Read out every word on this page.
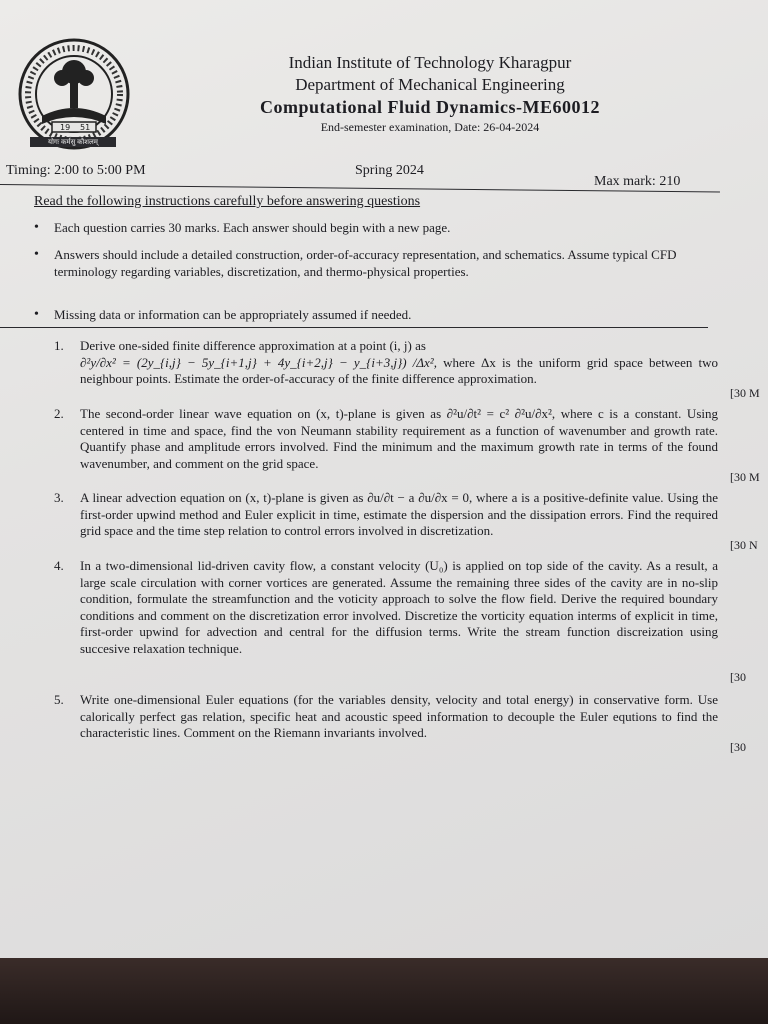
19 51
योगः कर्मसु कौशलम्
Indian Institute of Technology Kharagpur
Department of Mechanical Engineering
Computational Fluid Dynamics-ME60012
End-semester examination, Date: 26-04-2024
Timing: 2:00 to 5:00 PM	Spring 2024
Max mark: 210
Read the following instructions carefully before answering questions
• Each question carries 30 marks. Each answer should begin with a new page.
• Answers should include a detailed construction, order-of-accuracy representation, and schematics. Assume typical CFD terminology regarding variables, discretization, and thermo-physical properties.
• Missing data or information can be appropriately assumed if needed.
1. Derive one-sided finite difference approximation at a point (i, j) as
∂²y/∂x² = (2y_{i,j} − 5y_{i+1,j} + 4y_{i+2,j} − y_{i+3,j}) /Δx², where Δx is the uniform grid space between two neighbour points. Estimate the order-of-accuracy of the finite difference approximation.
[30 M
2. The second-order linear wave equation on (x, t)-plane is given as ∂²u/∂t² = c² ∂²u/∂x², where c is a constant. Using centered in time and space, find the von Neumann stability requirement as a function of wavenumber and growth rate. Quantify phase and amplitude errors involved. Find the minimum and the maximum growth rate in terms of the found wavenumber, and comment on the grid space.
[30 M
3. A linear advection equation on (x, t)-plane is given as ∂u/∂t − a ∂u/∂x = 0, where a is a positive-definite value. Using the first-order upwind method and Euler explicit in time, estimate the dispersion and the dissipation errors. Find the required grid space and the time step relation to control errors involved in discretization.
[30 N
4. In a two-dimensional lid-driven cavity flow, a constant velocity (U₀) is applied on top side of the cavity. As a result, a large scale circulation with corner vortices are generated. Assume the remaining three sides of the cavity are in no-slip condition, formulate the streamfunction and the voticity approach to solve the flow field. Derive the required boundary conditions and comment on the discretization error involved. Discretize the vorticity equation interms of explicit in time, first-order upwind for advection and central for the diffusion terms. Write the stream function discreization using succesive relaxation technique.
[30
5. Write one-dimensional Euler equations (for the variables density, velocity and total energy) in conservative form. Use calorically perfect gas relation, specific heat and acoustic speed information to decouple the Euler equtions to find the characteristic lines. Comment on the Riemann invariants involved.
[30
